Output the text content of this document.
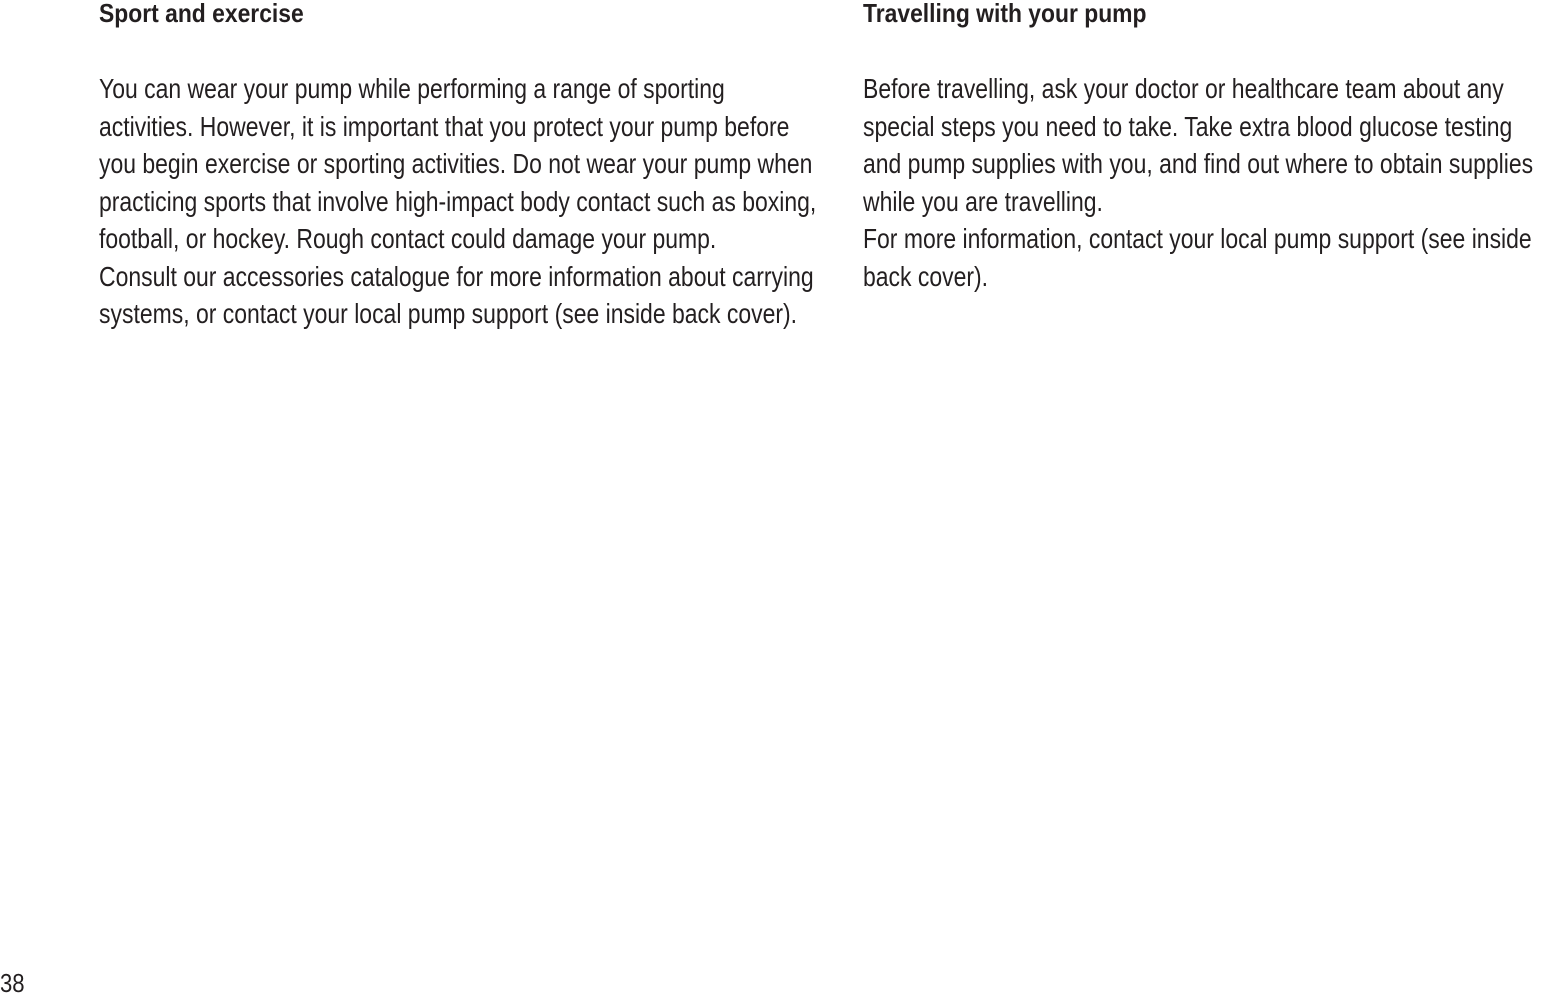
Sport and exercise

You can wear your pump while performing a range of sporting activities. However, it is important that you protect your pump before you begin exercise or sporting activities. Do not wear your pump when practicing sports that involve high-impact body contact such as boxing, football, or hockey. Rough contact could damage your pump.

Consult our accessories catalogue for more information about carrying systems, or contact your local pump support (see inside back cover).

Travelling with your pump

Before travelling, ask your doctor or healthcare team about any special steps you need to take. Take extra blood glucose testing and pump supplies with you, and find out where to obtain supplies while you are travelling.

For more information, contact your local pump support (see inside back cover).

38
